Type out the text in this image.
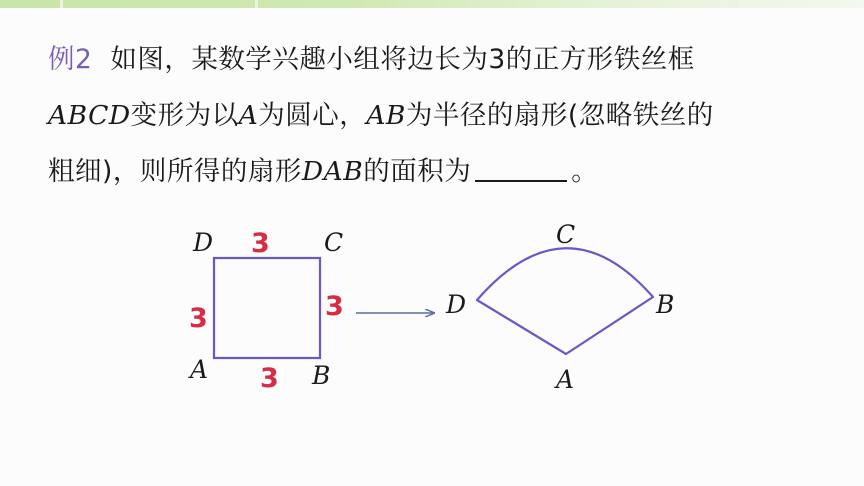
例2 如图，某数学兴趣小组将边长为3的正方形铁丝框
ABCD变形为以A为圆心，AB为半径的扇形(忽略铁丝的
粗细)，则所得的扇形DAB的面积为	。
D	C
A	B
3
3	3
3
D	B
C
A
